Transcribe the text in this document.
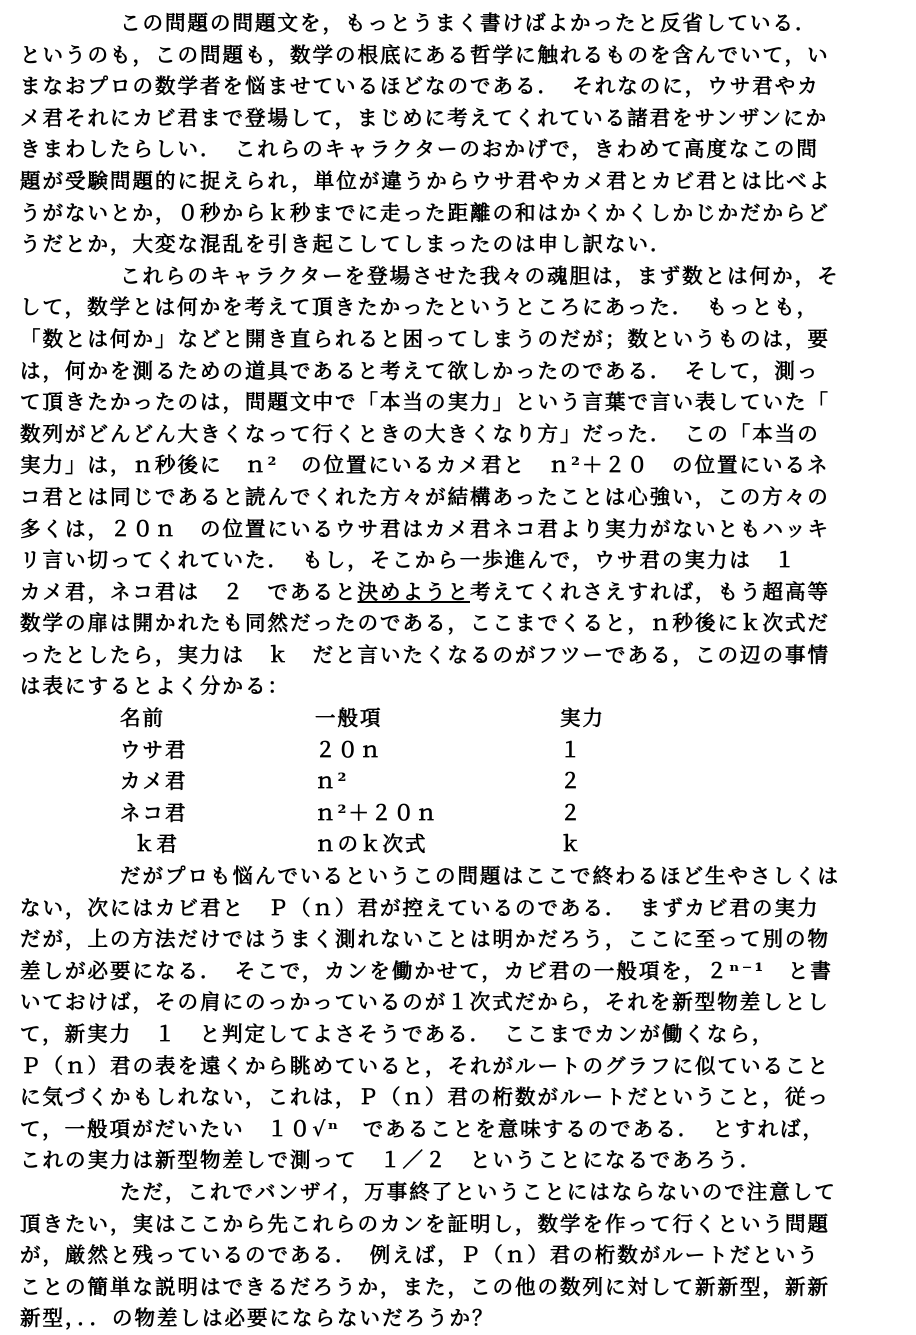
この問題の問題文を，もっとうまく書けばよかったと反省している．
というのも，この問題も，数学の根底にある哲学に触れるものを含んでいて，い
まなおプロの数学者を悩ませているほどなのである．　それなのに，ウサ君やカ
メ君それにカビ君まで登場して，まじめに考えてくれている諸君をサンザンにか
きまわしたらしい．　これらのキャラクターのおかげで，きわめて高度なこの問
題が受験問題的に捉えられ，単位が違うからウサ君やカメ君とカビ君とは比べよ
うがないとか，０秒からｋ秒までに走った距離の和はかくかくしかじかだからど
うだとか，大変な混乱を引き起こしてしまったのは申し訳ない．
これらのキャラクターを登場させた我々の魂胆は，まず数とは何か，そ
して，数学とは何かを考えて頂きたかったというところにあった．　もっとも，
「数とは何か」などと開き直られると困ってしまうのだが；数というものは，要
は，何かを測るための道具であると考えて欲しかったのである．　そして，測っ
て頂きたかったのは，問題文中で「本当の実力」という言葉で言い表していた「
数列がどんどん大きくなって行くときの大きくなり方」だった．　この「本当の
実力」は，ｎ秒後に　ｎ²　の位置にいるカメ君と　ｎ²＋２０　の位置にいるネ
コ君とは同じであると読んでくれた方々が結構あったことは心強い，この方々の
多くは，２０ｎ　の位置にいるウサ君はカメ君ネコ君より実力がないともハッキ
リ言い切ってくれていた．　もし，そこから一歩進んで，ウサ君の実力は　１
カメ君，ネコ君は　２　であると決めようと考えてくれさえすれば，もう超高等
数学の扉は開かれたも同然だったのである，ここまでくると，ｎ秒後にｋ次式だ
ったとしたら，実力は　ｋ　だと言いたくなるのがフツーである，この辺の事情
は表にするとよく分かる：
名前	一般項	実力
ウサ君	２０ｎ	１
カメ君	ｎ²	２
ネコ君	ｎ²＋２０ｎ	２
ｋ君	ｎのｋ次式	ｋ
だがプロも悩んでいるというこの問題はここで終わるほど生やさしくは
ない，次にはカビ君と　Ｐ（ｎ）君が控えているのである．　まずカビ君の実力
だが，上の方法だけではうまく測れないことは明かだろう，ここに至って別の物
差しが必要になる．　そこで，カンを働かせて，カビ君の一般項を，２ⁿ⁻¹　と書
いておけば，その肩にのっかっているのが１次式だから，それを新型物差しとし
て，新実力　１　と判定してよさそうである．　ここまでカンが働くなら，
Ｐ（ｎ）君の表を遠くから眺めていると，それがルートのグラフに似ていること
に気づくかもしれない，これは，Ｐ（ｎ）君の桁数がルートだということ，従っ
て，一般項がだいたい　１０√ⁿ　であることを意味するのである．　とすれば，
これの実力は新型物差しで測って　１／２　ということになるであろう．
ただ，これでバンザイ，万事終了ということにはならないので注意して
頂きたい，実はここから先これらのカンを証明し，数学を作って行くという問題
が，厳然と残っているのである．　例えば，Ｐ（ｎ）君の桁数がルートだという
ことの簡単な説明はできるだろうか，また，この他の数列に対して新新型，新新
新型，．．の物差しは必要にならないだろうか？
